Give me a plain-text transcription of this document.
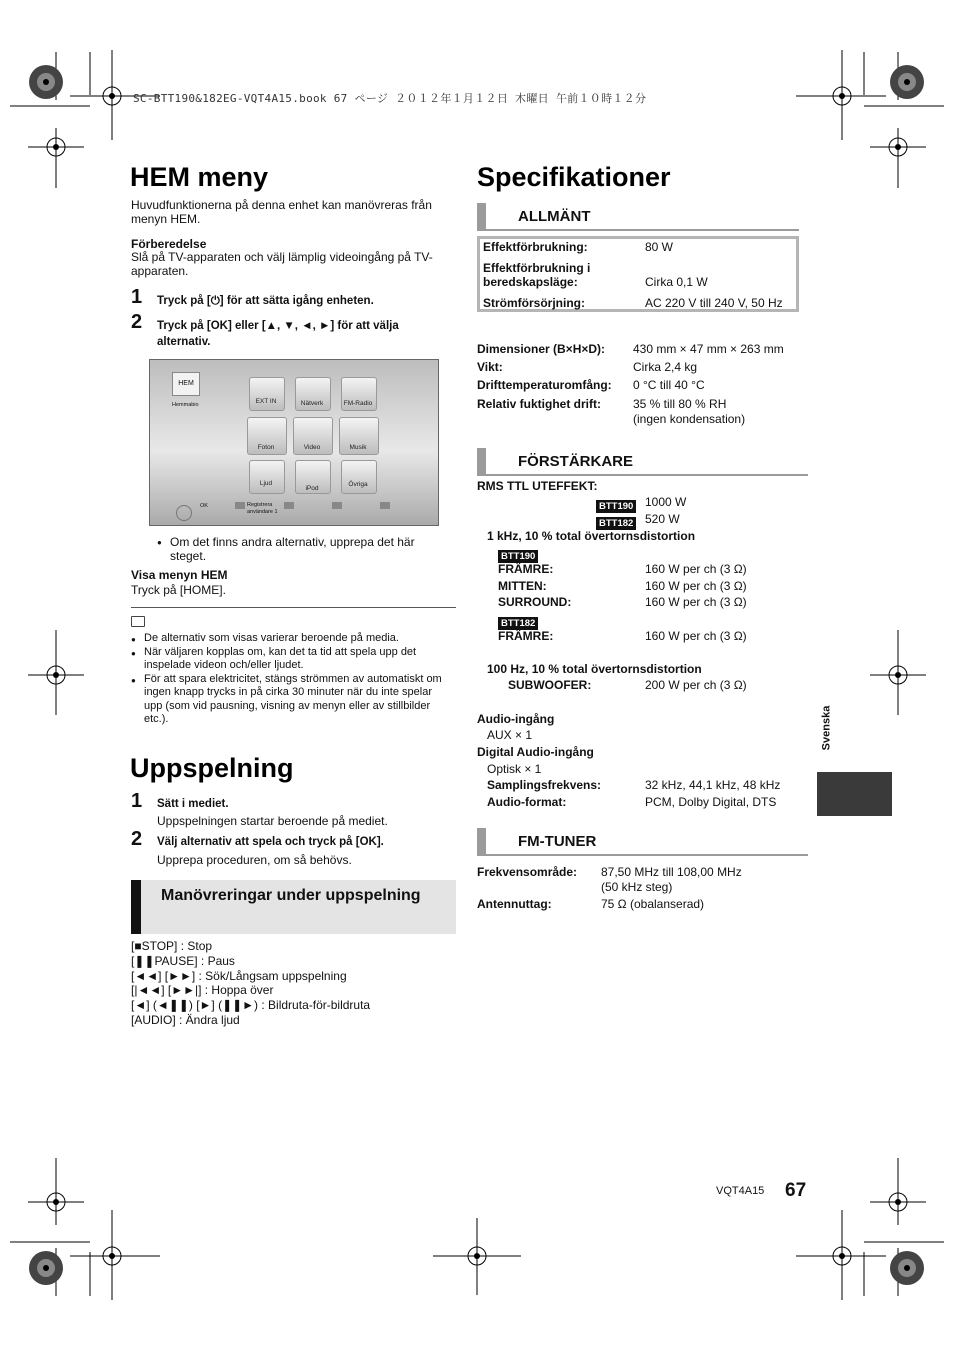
SC-BTT190&182EG-VQT4A15.book 67 ページ ２０１２年１月１２日 木曜日 午前１０時１２分
HEM meny
Huvudfunktionerna på denna enhet kan manövreras från menyn HEM.
Förberedelse
Slå på TV-apparaten och välj lämplig videoingång på TV-apparaten.
1 Tryck på [⏻] för att sätta igång enheten.
2 Tryck på [OK] eller [▲, ▼, ◄, ►] för att välja alternativ.
HEM
Hemmabio	EXT IN	Nätverk	FM-Radio
Foton	Video	Musik
Ljud
iPod
Övriga
OK	Registrera användare 1
● Om det finns andra alternativ, upprepa det här steget.
Visa menyn HEM
Tryck på [HOME].
● De alternativ som visas varierar beroende på media.
● När väljaren kopplas om, kan det ta tid att spela upp det inspelade videon och/eller ljudet.
● För att spara elektricitet, stängs strömmen av automatiskt om ingen knapp trycks in på cirka 30 minuter när du inte spelar upp (som vid pausning, visning av menyn eller av stillbilder etc.).
Uppspelning
1 Sätt i mediet.
Uppspelningen startar beroende på mediet.
2 Välj alternativ att spela och tryck på [OK].
Upprepa proceduren, om så behövs.
Manövreringar under uppspelning
[■STOP] : Stop
[❚❚PAUSE] : Paus
[◄◄] [►►] : Sök/Långsam uppspelning
[|◄◄] [►►|] : Hoppa över
[◄] (◄❚❚) [►] (❚❚►) : Bildruta-för-bildruta
[AUDIO] : Ändra ljud
Specifikationer
ALLMÄNT
Effektförbrukning:	80 W
Effektförbrukning i beredskapsläge:	Cirka 0,1 W
Strömförsörjning:	AC 220 V till 240 V, 50 Hz
Dimensioner (B×H×D): 430 mm × 47 mm × 263 mm
Vikt:	Cirka 2,4 kg
Drifttemperaturomfång: 0 °C till 40 °C
Relativ fuktighet drift:	35 % till 80 % RH
(ingen kondensation)
FÖRSTÄRKARE
RMS TTL UTEFFEKT:
BTT190 1000 W
BTT182 520 W
1 kHz, 10 % total övertornsdistortion
BTT190
FRÄMRE:	160 W per ch (3 Ω)
MITTEN:	160 W per ch (3 Ω)
SURROUND:	160 W per ch (3 Ω)
BTT182
FRÄMRE:	160 W per ch (3 Ω)
100 Hz, 10 % total övertornsdistortion
SUBWOOFER:	200 W per ch (3 Ω)
Audio-ingång
AUX × 1
Digital Audio-ingång
Optisk × 1
Samplingsfrekvens:	32 kHz, 44,1 kHz, 48 kHz
Audio-format:	PCM, Dolby Digital, DTS
FM-TUNER
Frekvensområde: 87,50 MHz till 108,00 MHz
(50 kHz steg)
Antennuttag:	75 Ω (obalanserad)
Svenska
VQT4A15 67
